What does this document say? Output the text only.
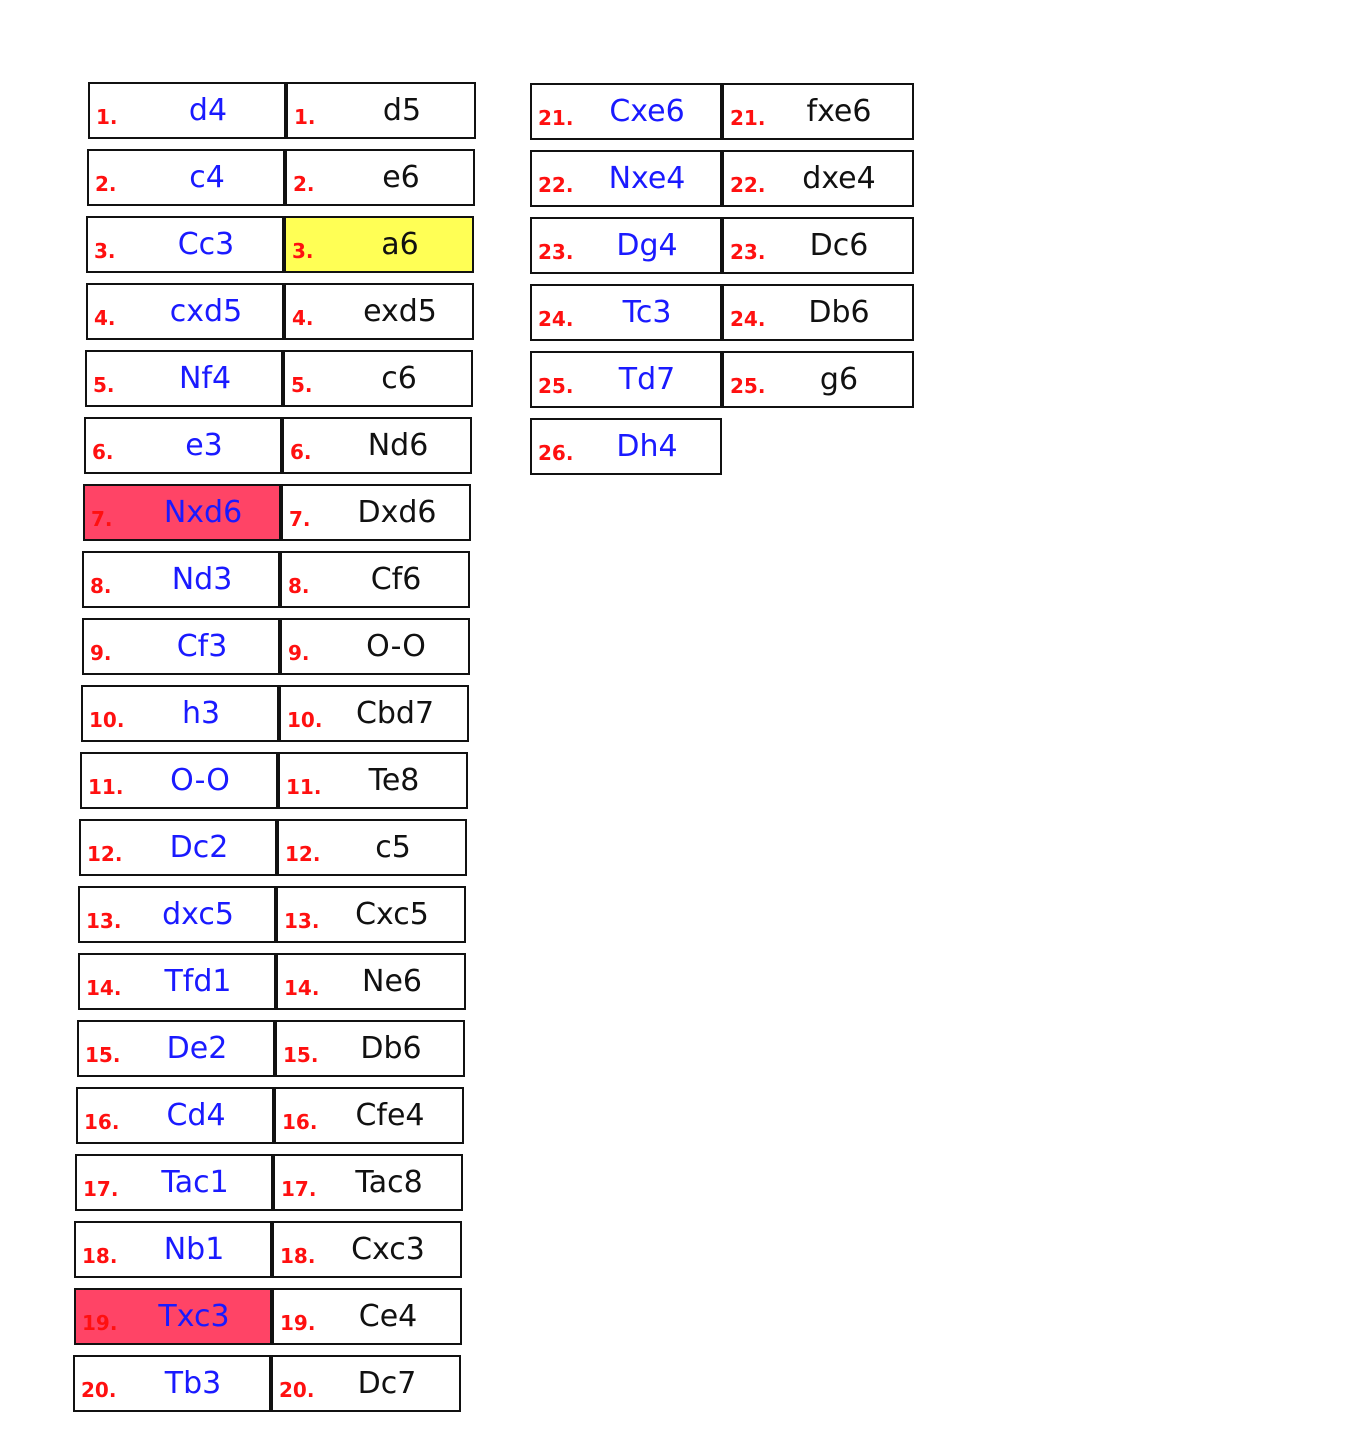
1.	d4	1.	d5
2.	c4	2.	e6
3.	Cc3	3.	a6
4.	cxd5	4.	exd5
5.	Nf4	5.	c6
6.	e3	6.	Nd6
7.	Nxd6	7.	Dxd6
8.	Nd3	8.	Cf6
9.	Cf3	9.	O-O
10.	h3	10.	Cbd7
11.	O-O	11.	Te8
12.	Dc2	12.	c5
13.	dxc5	13.	Cxc5
14.	Tfd1	14.	Ne6
15.	De2	15.	Db6
16.	Cd4	16.	Cfe4
17.	Tac1	17.	Tac8
18.	Nb1	18.	Cxc3
19.	Txc3	19.	Ce4
20.	Tb3	20.	Dc7
21.	Cxe6	21.	fxe6
22.	Nxe4	22.	dxe4
23.	Dg4	23.	Dc6
24.	Tc3	24.	Db6
25.	Td7	25.	g6
26.	Dh4
